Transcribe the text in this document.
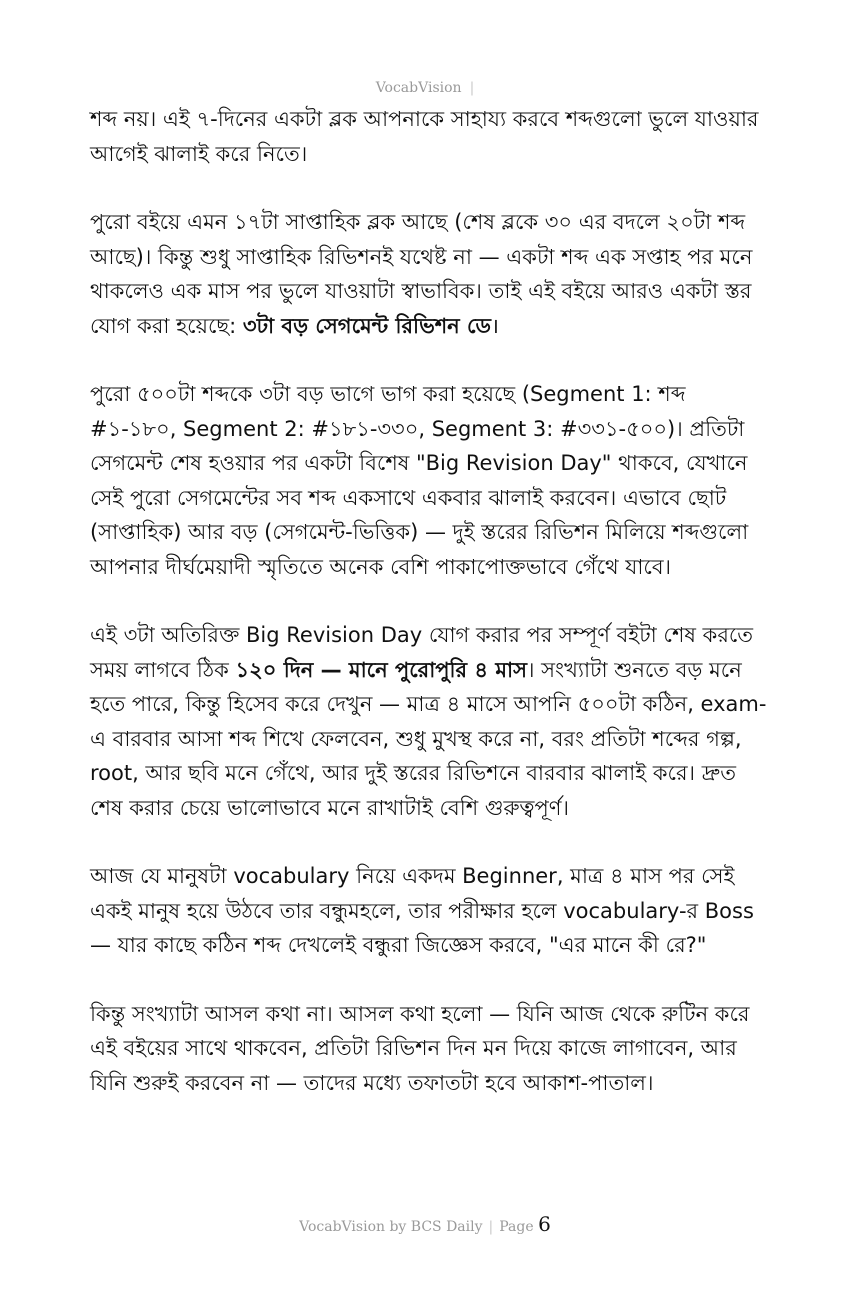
VocabVision |

শব্দ নয়। এই ৭-দিনের একটা ব্লক আপনাকে সাহায্য করবে শব্দগুলো ভুলে যাওয়ার আগেই ঝালাই করে নিতে।

পুরো বইয়ে এমন ১৭টা সাপ্তাহিক ব্লক আছে (শেষ ব্লকে ৩০ এর বদলে ২০টা শব্দ আছে)। কিন্তু শুধু সাপ্তাহিক রিভিশনই যথেষ্ট না — একটা শব্দ এক সপ্তাহ পর মনে থাকলেও এক মাস পর ভুলে যাওয়াটা স্বাভাবিক। তাই এই বইয়ে আরও একটা স্তর যোগ করা হয়েছে: ৩টা বড় সেগমেন্ট রিভিশন ডে।

পুরো ৫০০টা শব্দকে ৩টা বড় ভাগে ভাগ করা হয়েছে (Segment 1: শব্দ #১-১৮০, Segment 2: #১৮১-৩৩০, Segment 3: #৩৩১-৫০০)। প্রতিটা সেগমেন্ট শেষ হওয়ার পর একটা বিশেষ "Big Revision Day" থাকবে, যেখানে সেই পুরো সেগমেন্টের সব শব্দ একসাথে একবার ঝালাই করবেন। এভাবে ছোট (সাপ্তাহিক) আর বড় (সেগমেন্ট-ভিত্তিক) — দুই স্তরের রিভিশন মিলিয়ে শব্দগুলো আপনার দীর্ঘমেয়াদী স্মৃতিতে অনেক বেশি পাকাপোক্তভাবে গেঁথে যাবে।

এই ৩টা অতিরিক্ত Big Revision Day যোগ করার পর সম্পূর্ণ বইটা শেষ করতে সময় লাগবে ঠিক ১২০ দিন — মানে পুরোপুরি ৪ মাস। সংখ্যাটা শুনতে বড় মনে হতে পারে, কিন্তু হিসেব করে দেখুন — মাত্র ৪ মাসে আপনি ৫০০টা কঠিন, exam-এ বারবার আসা শব্দ শিখে ফেলবেন, শুধু মুখস্থ করে না, বরং প্রতিটা শব্দের গল্প, root, আর ছবি মনে গেঁথে, আর দুই স্তরের রিভিশনে বারবার ঝালাই করে। দ্রুত শেষ করার চেয়ে ভালোভাবে মনে রাখাটাই বেশি গুরুত্বপূর্ণ।

আজ যে মানুষটা vocabulary নিয়ে একদম Beginner, মাত্র ৪ মাস পর সেই একই মানুষ হয়ে উঠবে তার বন্ধুমহলে, তার পরীক্ষার হলে vocabulary-র Boss — যার কাছে কঠিন শব্দ দেখলেই বন্ধুরা জিজ্ঞেস করবে, "এর মানে কী রে?"

কিন্তু সংখ্যাটা আসল কথা না। আসল কথা হলো — যিনি আজ থেকে রুটিন করে এই বইয়ের সাথে থাকবেন, প্রতিটা রিভিশন দিন মন দিয়ে কাজে লাগাবেন, আর যিনি শুরুই করবেন না — তাদের মধ্যে তফাতটা হবে আকাশ-পাতাল।

VocabVision by BCS Daily | Page 6
